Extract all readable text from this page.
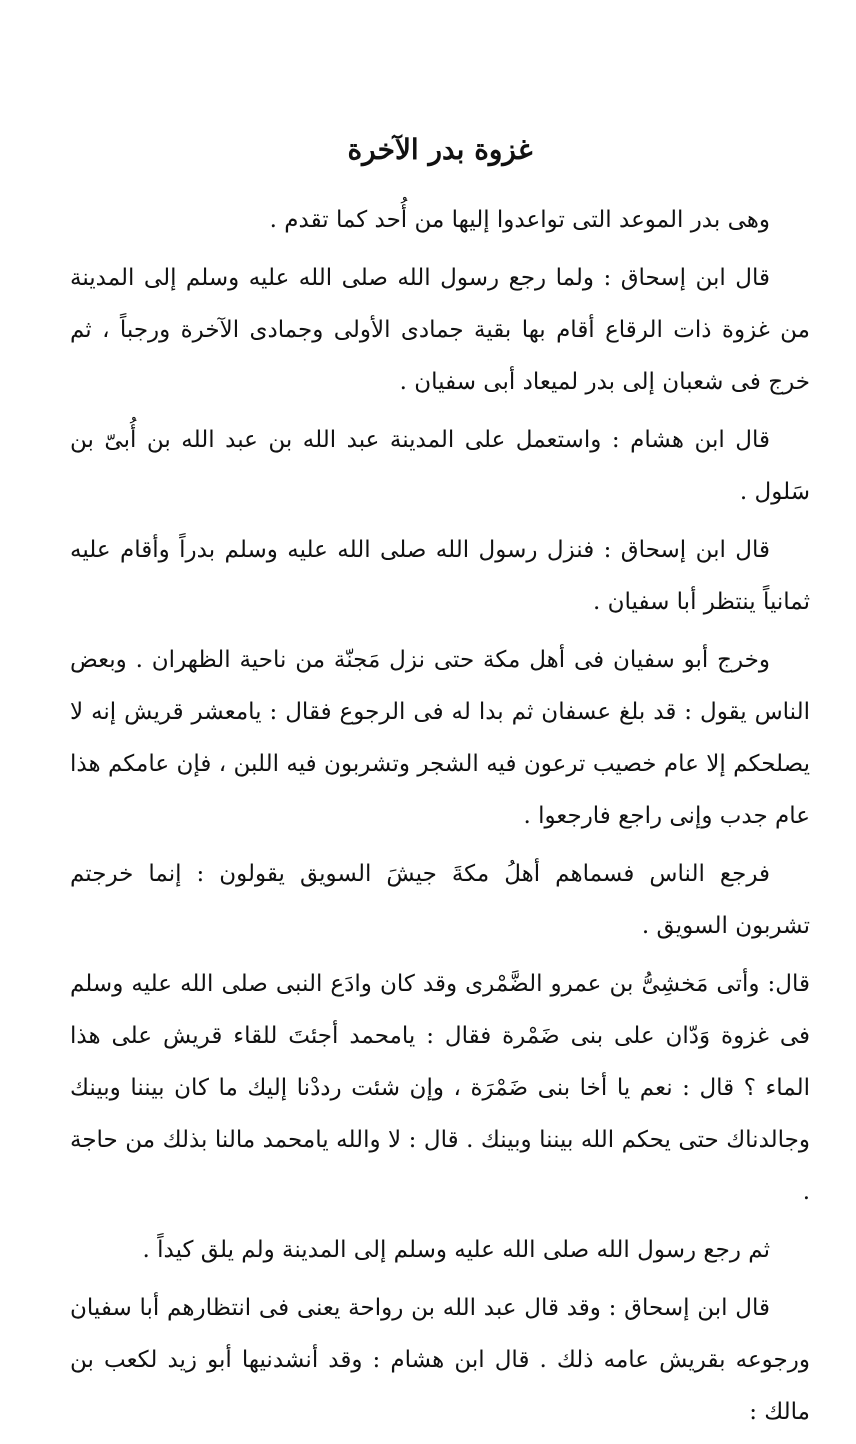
غزوة بدر الآخرة

وهى بدر الموعد التى تواعدوا إليها من أُحد كما تقدم .

قال ابن إسحاق : ولما رجع رسول الله صلى الله عليه وسلم إلى المدينة من غزوة ذات الرقاع أقام بها بقية جمادى الأولى وجمادى الآخرة ورجباً ، ثم خرج فى شعبان إلى بدر لميعاد أبى سفيان .

قال ابن هشام : واستعمل على المدينة عبد الله بن عبد الله بن أُبىّ بن سَلول .

قال ابن إسحاق : فنزل رسول الله صلى الله عليه وسلم بدراً وأقام عليه ثمانياً ينتظر أبا سفيان .

وخرج أبو سفيان فى أهل مكة حتى نزل مَجنّة من ناحية الظهران . وبعض الناس يقول : قد بلغ عسفان ثم بدا له فى الرجوع فقال : يامعشر قريش إنه لا يصلحكم إلا عام خصيب ترعون فيه الشجر وتشربون فيه اللبن ، فإن عامكم هذا عام جدب وإنى راجع فارجعوا .

فرجع الناس فسماهم أهلُ مكةَ جيشَ السويق يقولون : إنما خرجتم تشربون السويق .

قال: وأتى مَخشِىُّ بن عمرو الضَّمْرى وقد كان وادَع النبى صلى الله عليه وسلم فى غزوة وَدّان على بنى ضَمْرة فقال : يامحمد أجئتَ للقاء قريش على هذا الماء ؟ قال : نعم يا أخا بنى ضَمْرَة ، وإن شئت رددْنا إليك ما كان بيننا وبينك وجالدناك حتى يحكم الله بيننا وبينك . قال : لا والله يامحمد مالنا بذلك من حاجة .

ثم رجع رسول الله صلى الله عليه وسلم إلى المدينة ولم يلق كيداً .

قال ابن إسحاق : وقد قال عبد الله بن رواحة يعنى فى انتظارهم أبا سفيان ورجوعه بقريش عامه ذلك . قال ابن هشام : وقد أنشدنيها أبو زيد لكعب بن مالك :
